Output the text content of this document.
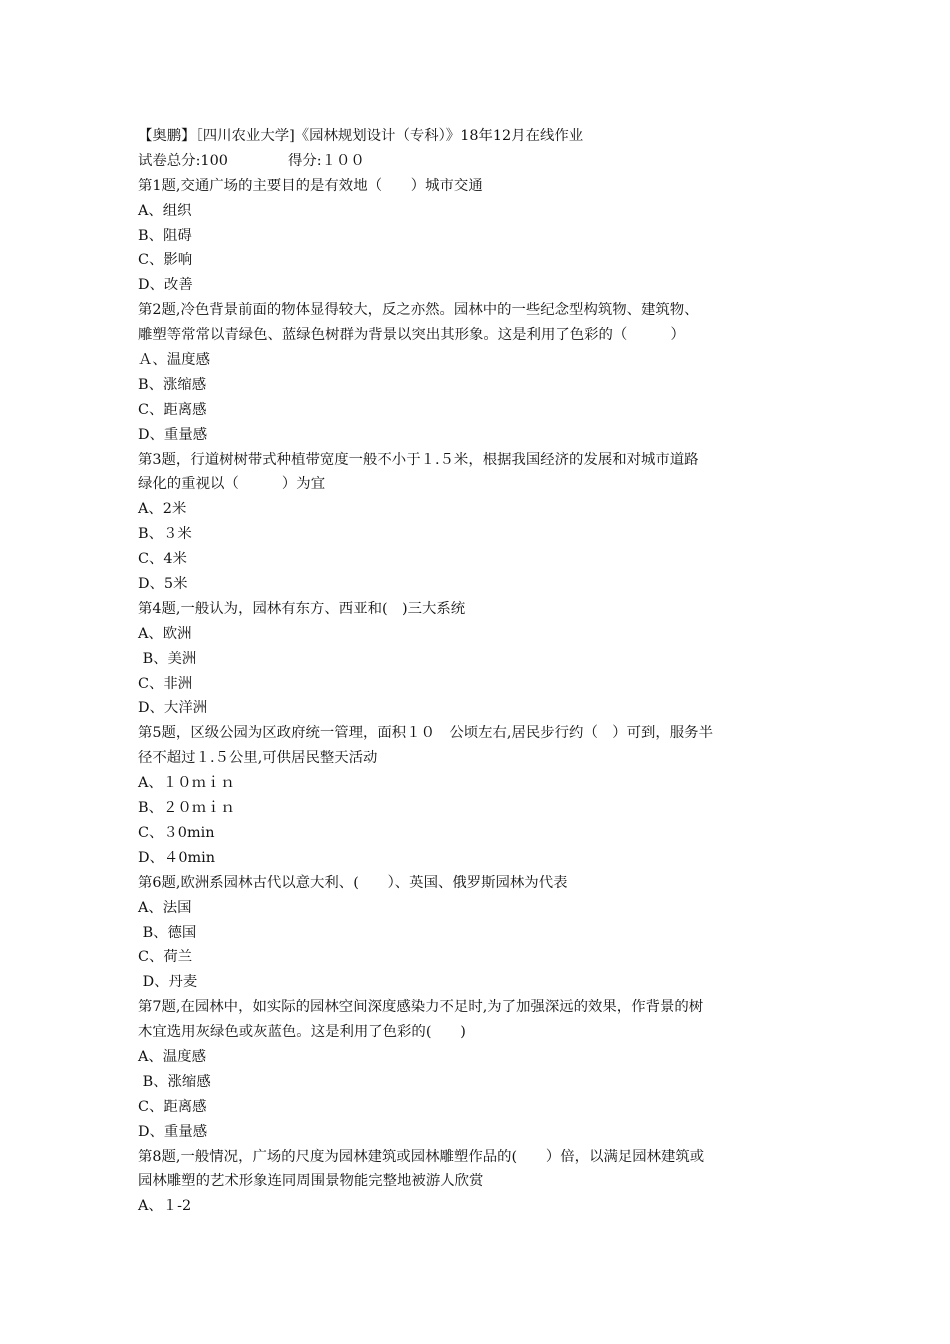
【奥鹏】［四川农业大学]《园林规划设计（专科）》18年12月在线作业
试卷总分:100	得分:１００
第1题,交通广场的主要目的是有效地（　　）城市交通
A、组织
B、阻碍
C、影响
D、改善
第2题,冷色背景前面的物体显得较大，反之亦然。园林中的一些纪念型构筑物、建筑物、
雕塑等常常以青绿色、蓝绿色树群为背景以突出其形象。这是利用了色彩的（　　　）
Ａ、温度感
B、涨缩感
C、距离感
D、重量感
第3题，行道树树带式种植带宽度一般不小于１.５米，根据我国经济的发展和对城市道路
绿化的重视以（　　　）为宜
A、2米
B、３米
C、4米
D、5米
第4题,一般认为，园林有东方、西亚和(　)三大系统
A、欧洲
B、美洲
C、非洲
D、大洋洲
第5题，区级公园为区政府统一管理，面积１０　公顷左右,居民步行约（　）可到，服务半
径不超过１.５公里,可供居民整天活动
A、１０ｍｉｎ
B、２０ｍｉｎ
C、３0min
D、４0min
第6题,欧洲系园林古代以意大利、(　　）、英国、俄罗斯园林为代表
A、法国
B、德国
C、荷兰
D、丹麦
第7题,在园林中，如实际的园林空间深度感染力不足时,为了加强深远的效果，作背景的树
木宜选用灰绿色或灰蓝色。这是利用了色彩的(　　)
A、温度感
B、涨缩感
C、距离感
D、重量感
第8题,一般情况，广场的尺度为园林建筑或园林雕塑作品的(　　）倍，以满足园林建筑或
园林雕塑的艺术形象连同周围景物能完整地被游人欣赏
A、１-2
